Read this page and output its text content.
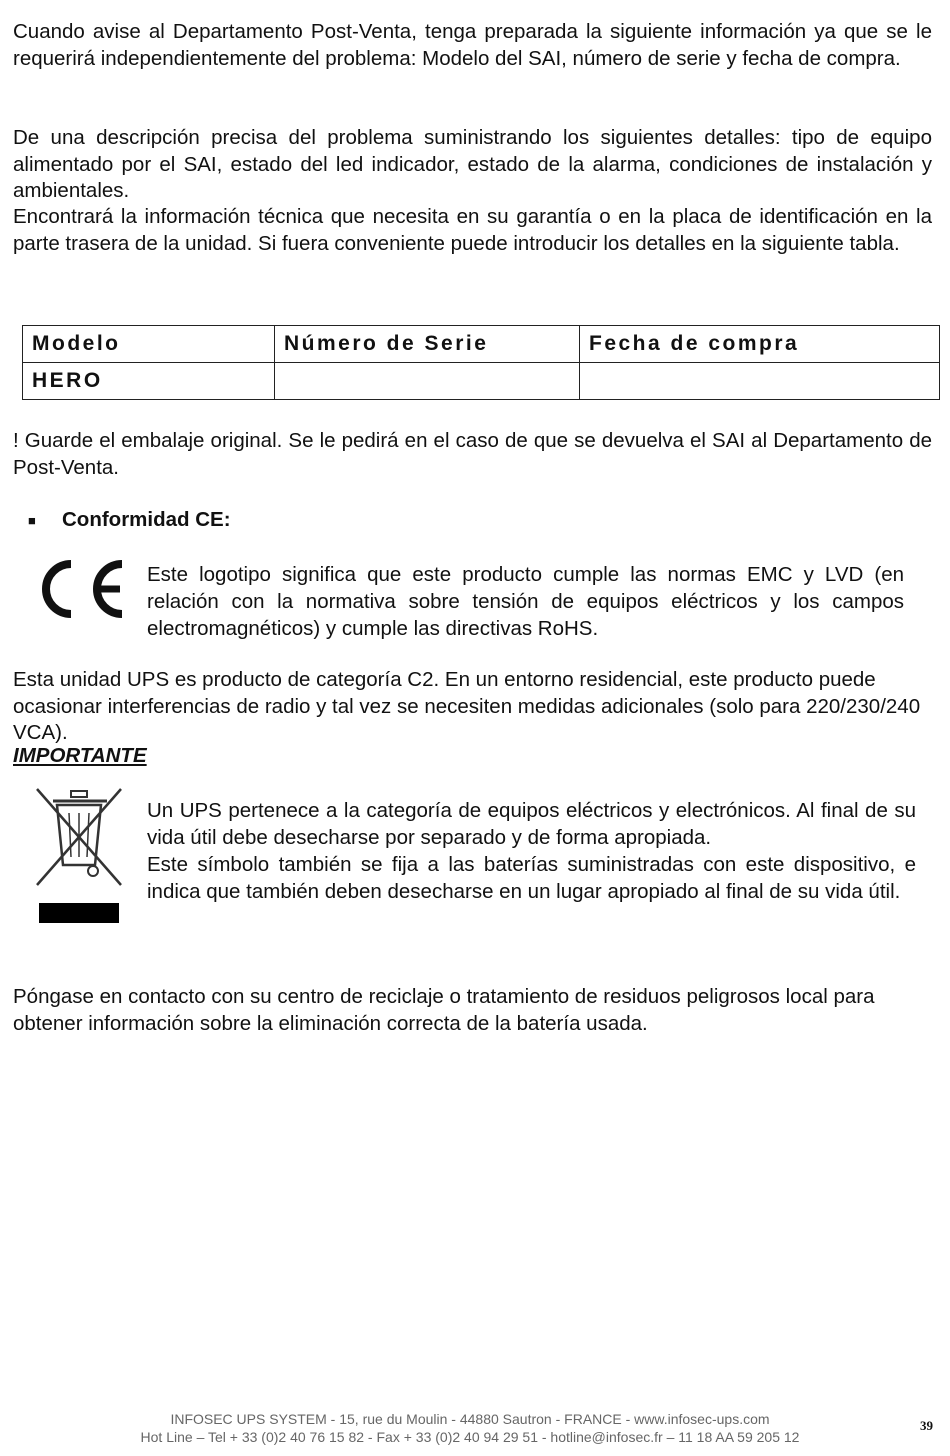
Cuando avise al Departamento Post-Venta, tenga preparada la siguiente información ya que se le requerirá independientemente del problema: Modelo del SAI, número de serie y fecha de compra.

De una descripción precisa del problema suministrando los siguientes detalles: tipo de equipo alimentado por el SAI, estado del led indicador, estado de la alarma, condiciones de instalación y ambientales.

Encontrará la información técnica que necesita en su garantía o en la placa de identificación en la parte trasera de la unidad. Si fuera conveniente puede introducir los detalles en la siguiente tabla.

Modelo	Número de Serie	Fecha de compra
HERO		

! Guarde el embalaje original. Se le pedirá en el caso de que se devuelva el SAI al Departamento de Post-Venta.

■ Conformidad CE:

Este logotipo significa que este producto cumple las normas EMC y LVD (en relación con la normativa sobre tensión de equipos eléctricos y los campos electromagnéticos) y cumple las directivas RoHS.

Esta unidad UPS es producto de categoría C2. En un entorno residencial, este producto puede ocasionar interferencias de radio y tal vez se necesiten medidas adicionales (solo para 220/230/240 VCA).

IMPORTANTE

Un UPS pertenece a la categoría de equipos eléctricos y electrónicos. Al final de su vida útil debe desecharse por separado y de forma apropiada.
Este símbolo también se fija a las baterías suministradas con este dispositivo, e indica que también deben desecharse en un lugar apropiado al final de su vida útil.

Póngase en contacto con su centro de reciclaje o tratamiento de residuos peligrosos local para obtener información sobre la eliminación correcta de la batería usada.

INFOSEC UPS SYSTEM - 15, rue du Moulin - 44880 Sautron - FRANCE - www.infosec-ups.com
Hot Line – Tel + 33 (0)2 40 76 15 82 - Fax + 33 (0)2 40 94 29 51 - hotline@infosec.fr – 11 18 AA 59 205 12

39
